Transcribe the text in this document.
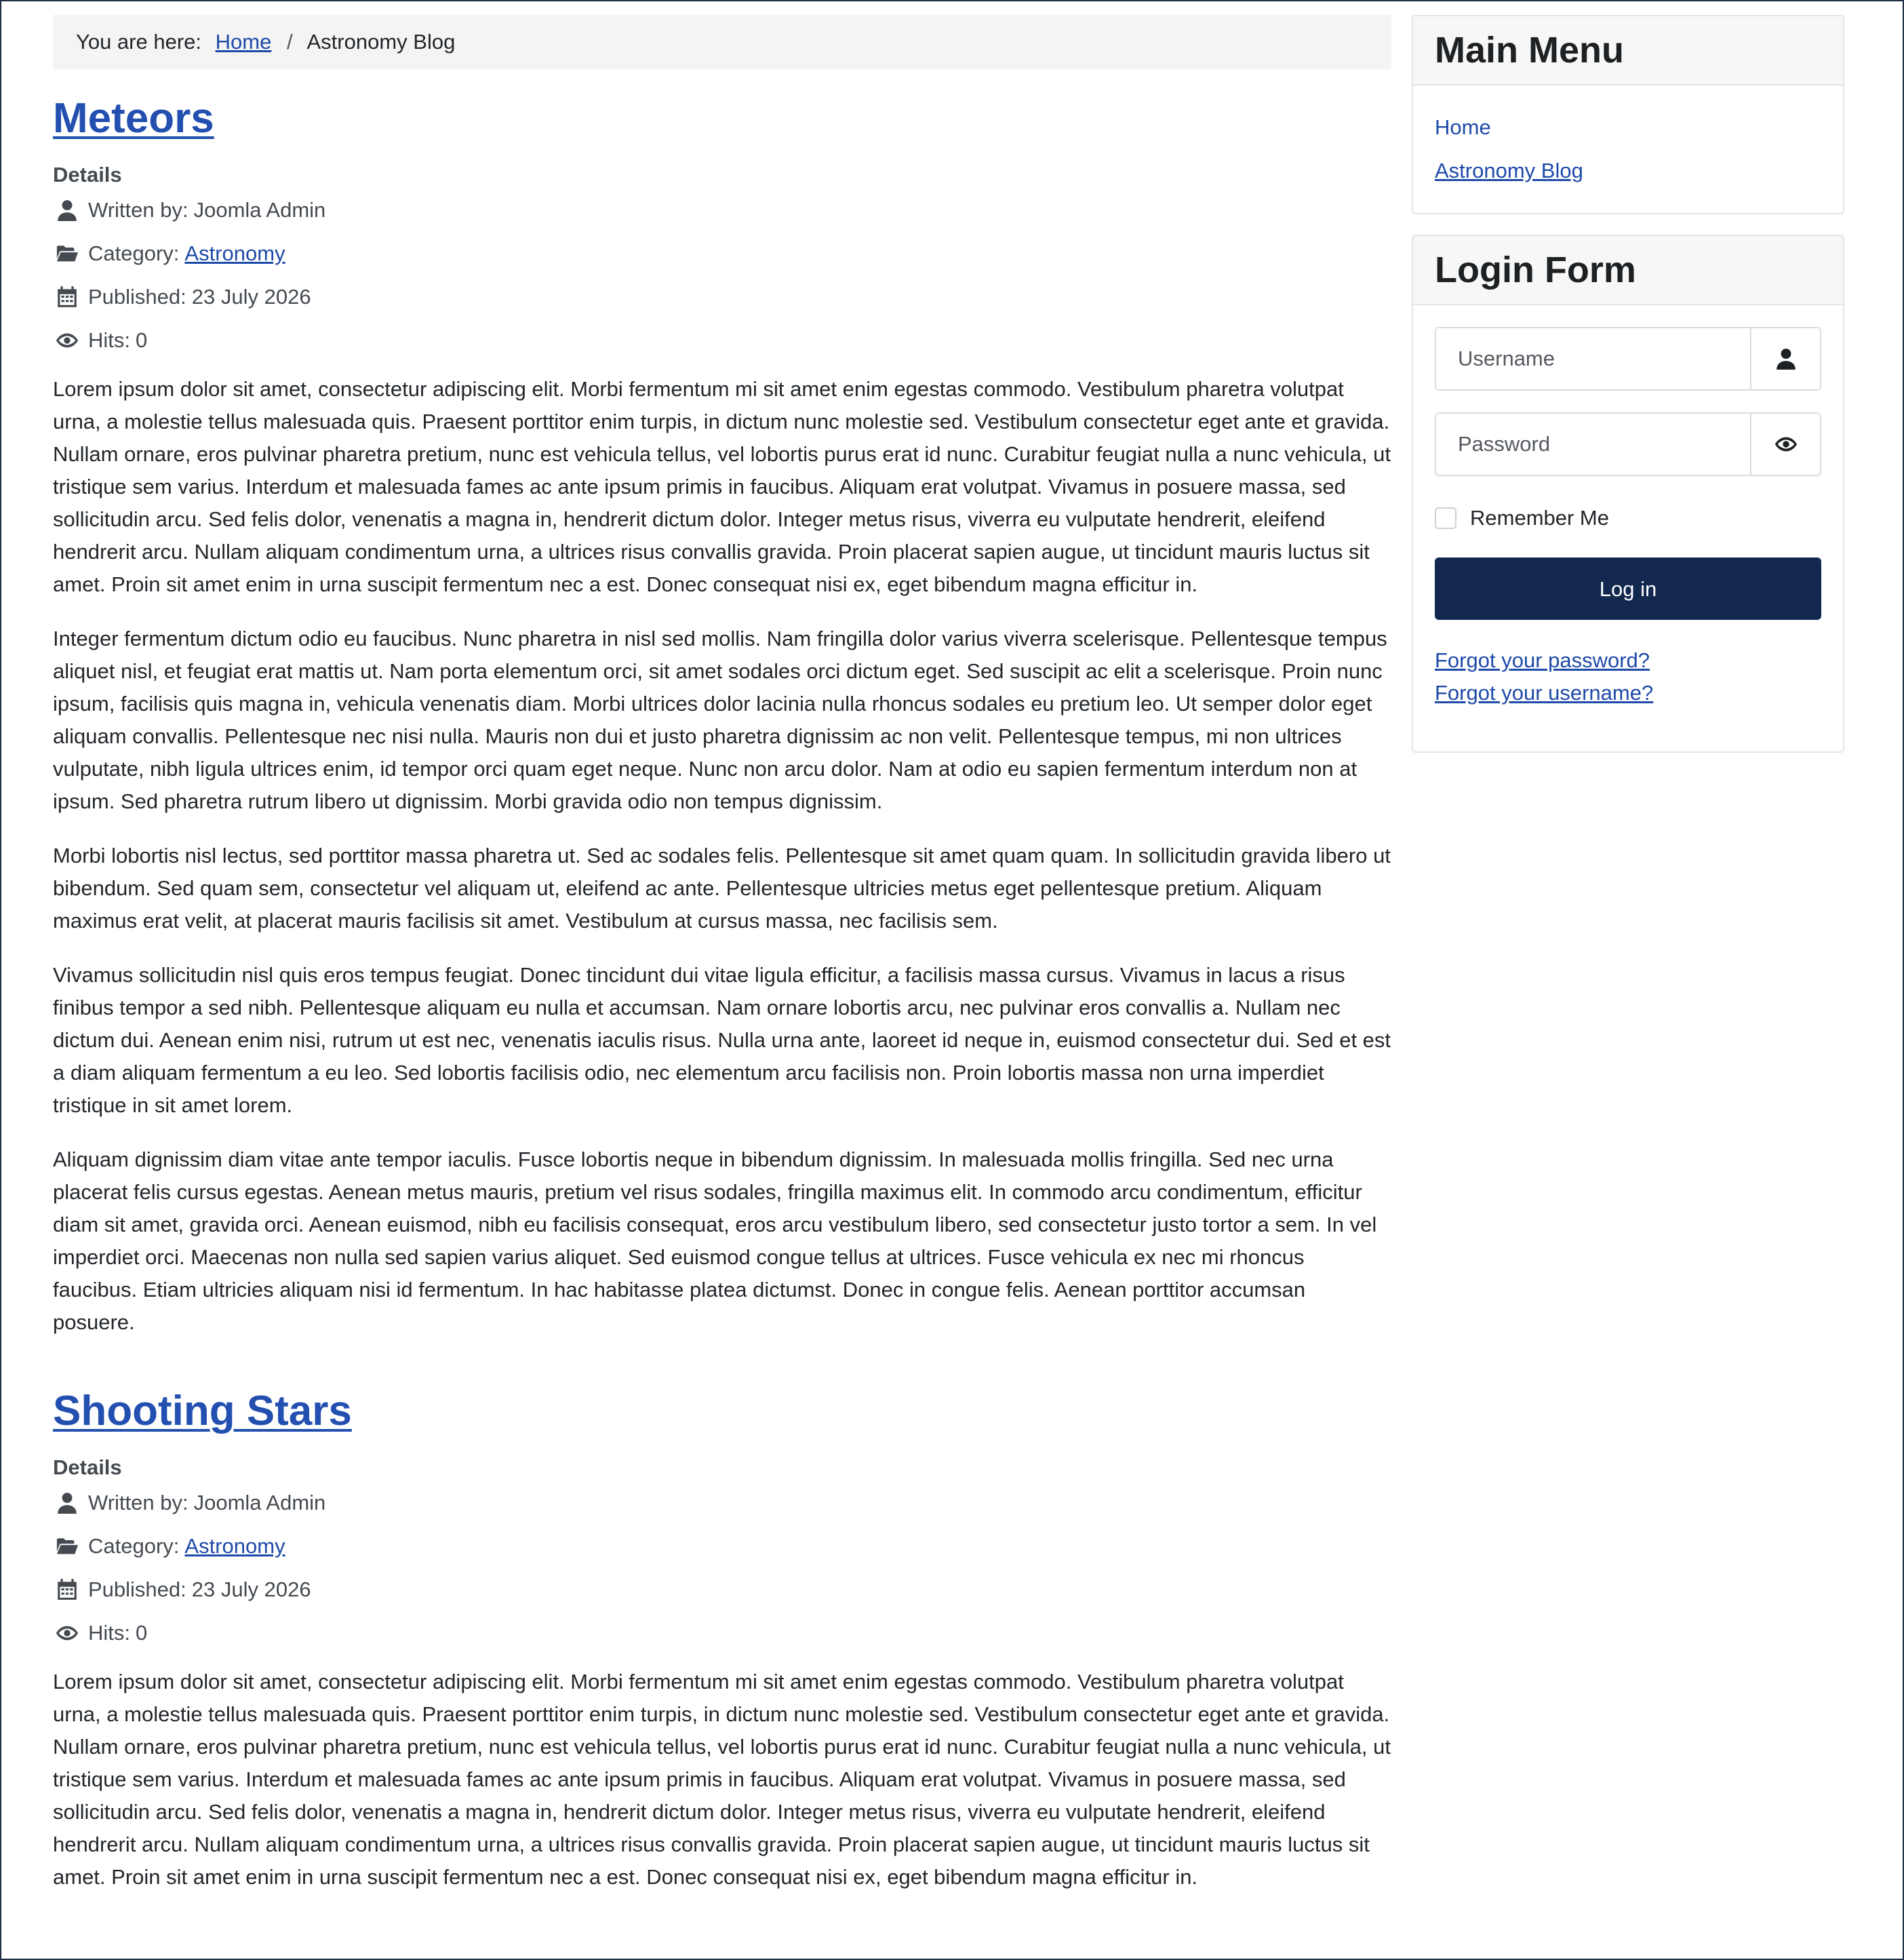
You are here: Home / Astronomy Blog
Meteors
Details
Written by: Joomla Admin
Category: Astronomy
Published: 23 July 2026
Hits: 0

Lorem ipsum dolor sit amet, consectetur adipiscing elit. Morbi fermentum mi sit amet enim egestas commodo. Vestibulum pharetra volutpat urna, a molestie tellus malesuada quis. Praesent porttitor enim turpis, in dictum nunc molestie sed. Vestibulum consectetur eget ante et gravida. Nullam ornare, eros pulvinar pharetra pretium, nunc est vehicula tellus, vel lobortis purus erat id nunc. Curabitur feugiat nulla a nunc vehicula, ut tristique sem varius. Interdum et malesuada fames ac ante ipsum primis in faucibus. Aliquam erat volutpat. Vivamus in posuere massa, sed sollicitudin arcu. Sed felis dolor, venenatis a magna in, hendrerit dictum dolor. Integer metus risus, viverra eu vulputate hendrerit, eleifend hendrerit arcu. Nullam aliquam condimentum urna, a ultrices risus convallis gravida. Proin placerat sapien augue, ut tincidunt mauris luctus sit amet. Proin sit amet enim in urna suscipit fermentum nec a est. Donec consequat nisi ex, eget bibendum magna efficitur in.

Integer fermentum dictum odio eu faucibus. Nunc pharetra in nisl sed mollis. Nam fringilla dolor varius viverra scelerisque. Pellentesque tempus aliquet nisl, et feugiat erat mattis ut. Nam porta elementum orci, sit amet sodales orci dictum eget. Sed suscipit ac elit a scelerisque. Proin nunc ipsum, facilisis quis magna in, vehicula venenatis diam. Morbi ultrices dolor lacinia nulla rhoncus sodales eu pretium leo. Ut semper dolor eget aliquam convallis. Pellentesque nec nisi nulla. Mauris non dui et justo pharetra dignissim ac non velit. Pellentesque tempus, mi non ultrices vulputate, nibh ligula ultrices enim, id tempor orci quam eget neque. Nunc non arcu dolor. Nam at odio eu sapien fermentum interdum non at ipsum. Sed pharetra rutrum libero ut dignissim. Morbi gravida odio non tempus dignissim.

Morbi lobortis nisl lectus, sed porttitor massa pharetra ut. Sed ac sodales felis. Pellentesque sit amet quam quam. In sollicitudin gravida libero ut bibendum. Sed quam sem, consectetur vel aliquam ut, eleifend ac ante. Pellentesque ultricies metus eget pellentesque pretium. Aliquam maximus erat velit, at placerat mauris facilisis sit amet. Vestibulum at cursus massa, nec facilisis sem.

Vivamus sollicitudin nisl quis eros tempus feugiat. Donec tincidunt dui vitae ligula efficitur, a facilisis massa cursus. Vivamus in lacus a risus finibus tempor a sed nibh. Pellentesque aliquam eu nulla et accumsan. Nam ornare lobortis arcu, nec pulvinar eros convallis a. Nullam nec dictum dui. Aenean enim nisi, rutrum ut est nec, venenatis iaculis risus. Nulla urna ante, laoreet id neque in, euismod consectetur dui. Sed et est a diam aliquam fermentum a eu leo. Sed lobortis facilisis odio, nec elementum arcu facilisis non. Proin lobortis massa non urna imperdiet tristique in sit amet lorem.

Aliquam dignissim diam vitae ante tempor iaculis. Fusce lobortis neque in bibendum dignissim. In malesuada mollis fringilla. Sed nec urna placerat felis cursus egestas. Aenean metus mauris, pretium vel risus sodales, fringilla maximus elit. In commodo arcu condimentum, efficitur diam sit amet, gravida orci. Aenean euismod, nibh eu facilisis consequat, eros arcu vestibulum libero, sed consectetur justo tortor a sem. In vel imperdiet orci. Maecenas non nulla sed sapien varius aliquet. Sed euismod congue tellus at ultrices. Fusce vehicula ex nec mi rhoncus faucibus. Etiam ultricies aliquam nisi id fermentum. In hac habitasse platea dictumst. Donec in congue felis. Aenean porttitor accumsan posuere.

Shooting Stars
Details
Written by: Joomla Admin
Category: Astronomy
Published: 23 July 2026
Hits: 0

Lorem ipsum dolor sit amet, consectetur adipiscing elit. Morbi fermentum mi sit amet enim egestas commodo. Vestibulum pharetra volutpat urna, a molestie tellus malesuada quis. Praesent porttitor enim turpis, in dictum nunc molestie sed. Vestibulum consectetur eget ante et gravida. Nullam ornare, eros pulvinar pharetra pretium, nunc est vehicula tellus, vel lobortis purus erat id nunc. Curabitur feugiat nulla a nunc vehicula, ut tristique sem varius. Interdum et malesuada fames ac ante ipsum primis in faucibus. Aliquam erat volutpat. Vivamus in posuere massa, sed sollicitudin arcu. Sed felis dolor, venenatis a magna in, hendrerit dictum dolor. Integer metus risus, viverra eu vulputate hendrerit, eleifend hendrerit arcu. Nullam aliquam condimentum urna, a ultrices risus convallis gravida. Proin placerat sapien augue, ut tincidunt mauris luctus sit amet. Proin sit amet enim in urna suscipit fermentum nec a est. Donec consequat nisi ex, eget bibendum magna efficitur in.

Main Menu
Home
Astronomy Blog
Login Form
Username
Remember Me
Log in
Forgot your password?
Forgot your username?
